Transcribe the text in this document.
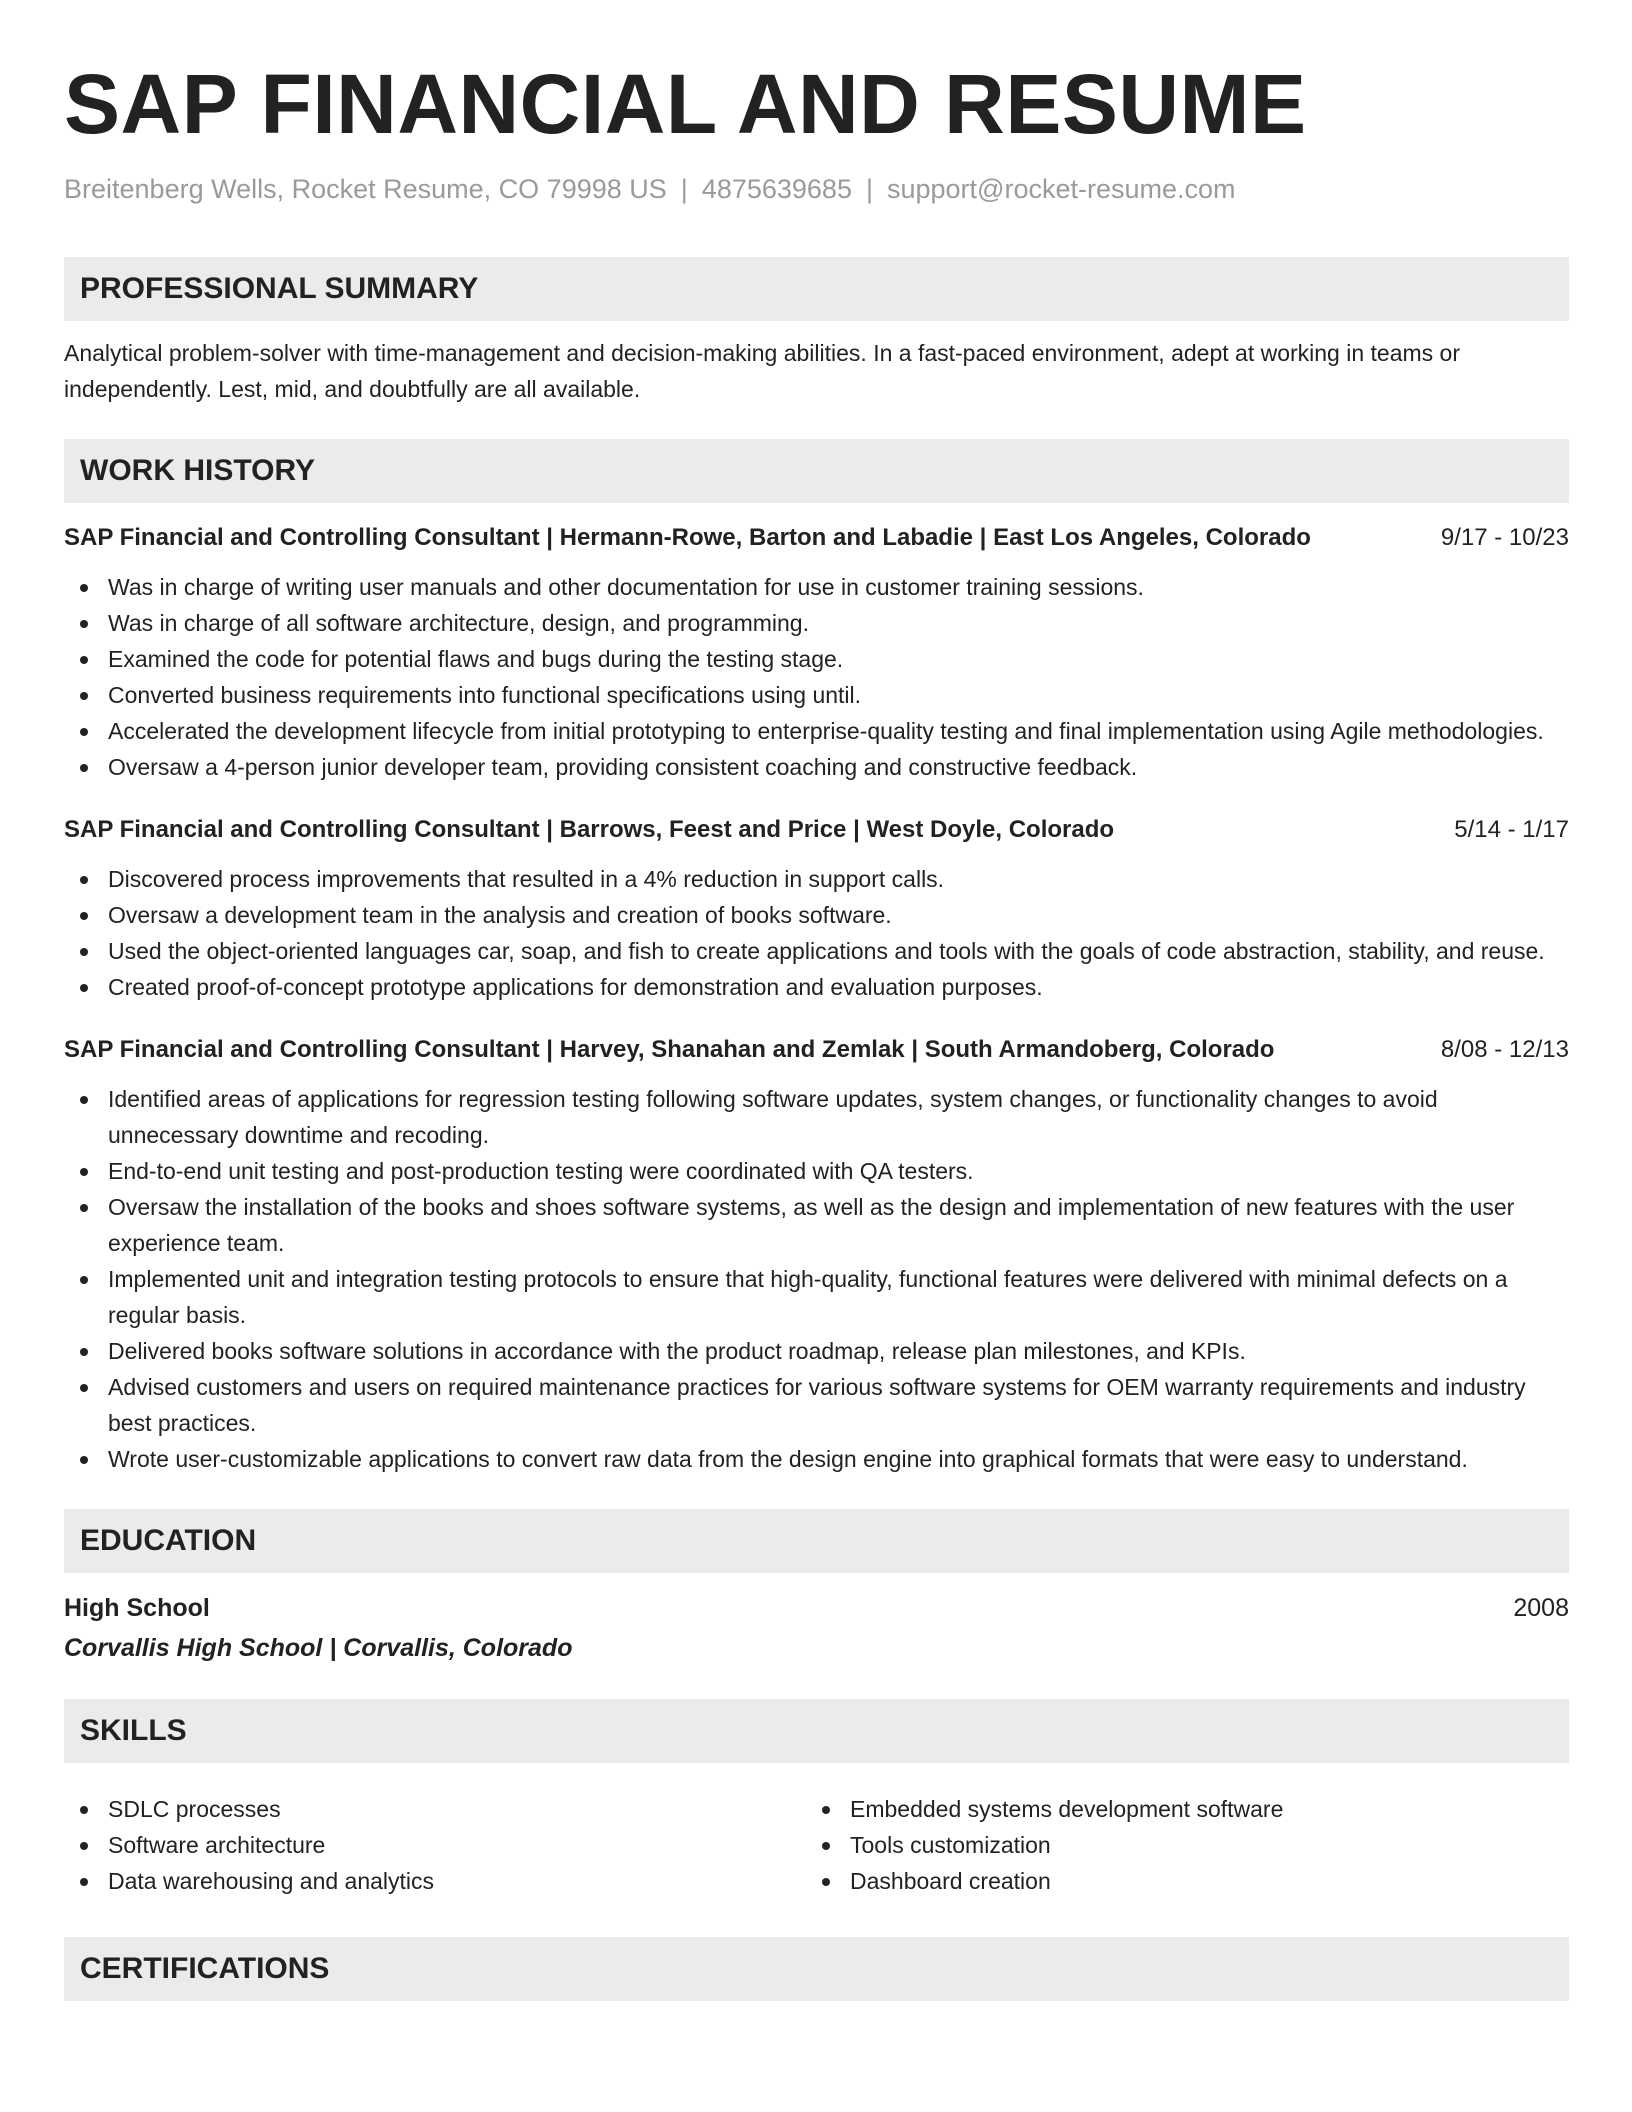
SAP FINANCIAL AND RESUME
Breitenberg Wells, Rocket Resume, CO 79998 US | 4875639685 | support@rocket-resume.com
PROFESSIONAL SUMMARY

Analytical problem-solver with time-management and decision-making abilities. In a fast-paced environment, adept at working in teams or independently. Lest, mid, and doubtfully are all available.

WORK HISTORY
SAP Financial and Controlling Consultant | Hermann-Rowe, Barton and Labadie | East Los Angeles, Colorado	9/17 - 10/23
Was in charge of writing user manuals and other documentation for use in customer training sessions.
Was in charge of all software architecture, design, and programming.
Examined the code for potential flaws and bugs during the testing stage.
Converted business requirements into functional specifications using until.
Accelerated the development lifecycle from initial prototyping to enterprise-quality testing and final implementation using Agile methodologies.
Oversaw a 4-person junior developer team, providing consistent coaching and constructive feedback.
SAP Financial and Controlling Consultant | Barrows, Feest and Price | West Doyle, Colorado	5/14 - 1/17
Discovered process improvements that resulted in a 4% reduction in support calls.
Oversaw a development team in the analysis and creation of books software.
Used the object-oriented languages car, soap, and fish to create applications and tools with the goals of code abstraction, stability, and reuse.
Created proof-of-concept prototype applications for demonstration and evaluation purposes.
SAP Financial and Controlling Consultant | Harvey, Shanahan and Zemlak | South Armandoberg, Colorado	8/08 - 12/13
Identified areas of applications for regression testing following software updates, system changes, or functionality changes to avoid unnecessary downtime and recoding.
End-to-end unit testing and post-production testing were coordinated with QA testers.
Oversaw the installation of the books and shoes software systems, as well as the design and implementation of new features with the user experience team.
Implemented unit and integration testing protocols to ensure that high-quality, functional features were delivered with minimal defects on a regular basis.
Delivered books software solutions in accordance with the product roadmap, release plan milestones, and KPIs.
Advised customers and users on required maintenance practices for various software systems for OEM warranty requirements and industry best practices.
Wrote user-customizable applications to convert raw data from the design engine into graphical formats that were easy to understand.
EDUCATION
High School	2008
Corvallis High School | Corvallis, Colorado
SKILLS
SDLC processes
Software architecture
Data warehousing and analytics
Embedded systems development software
Tools customization
Dashboard creation
CERTIFICATIONS
